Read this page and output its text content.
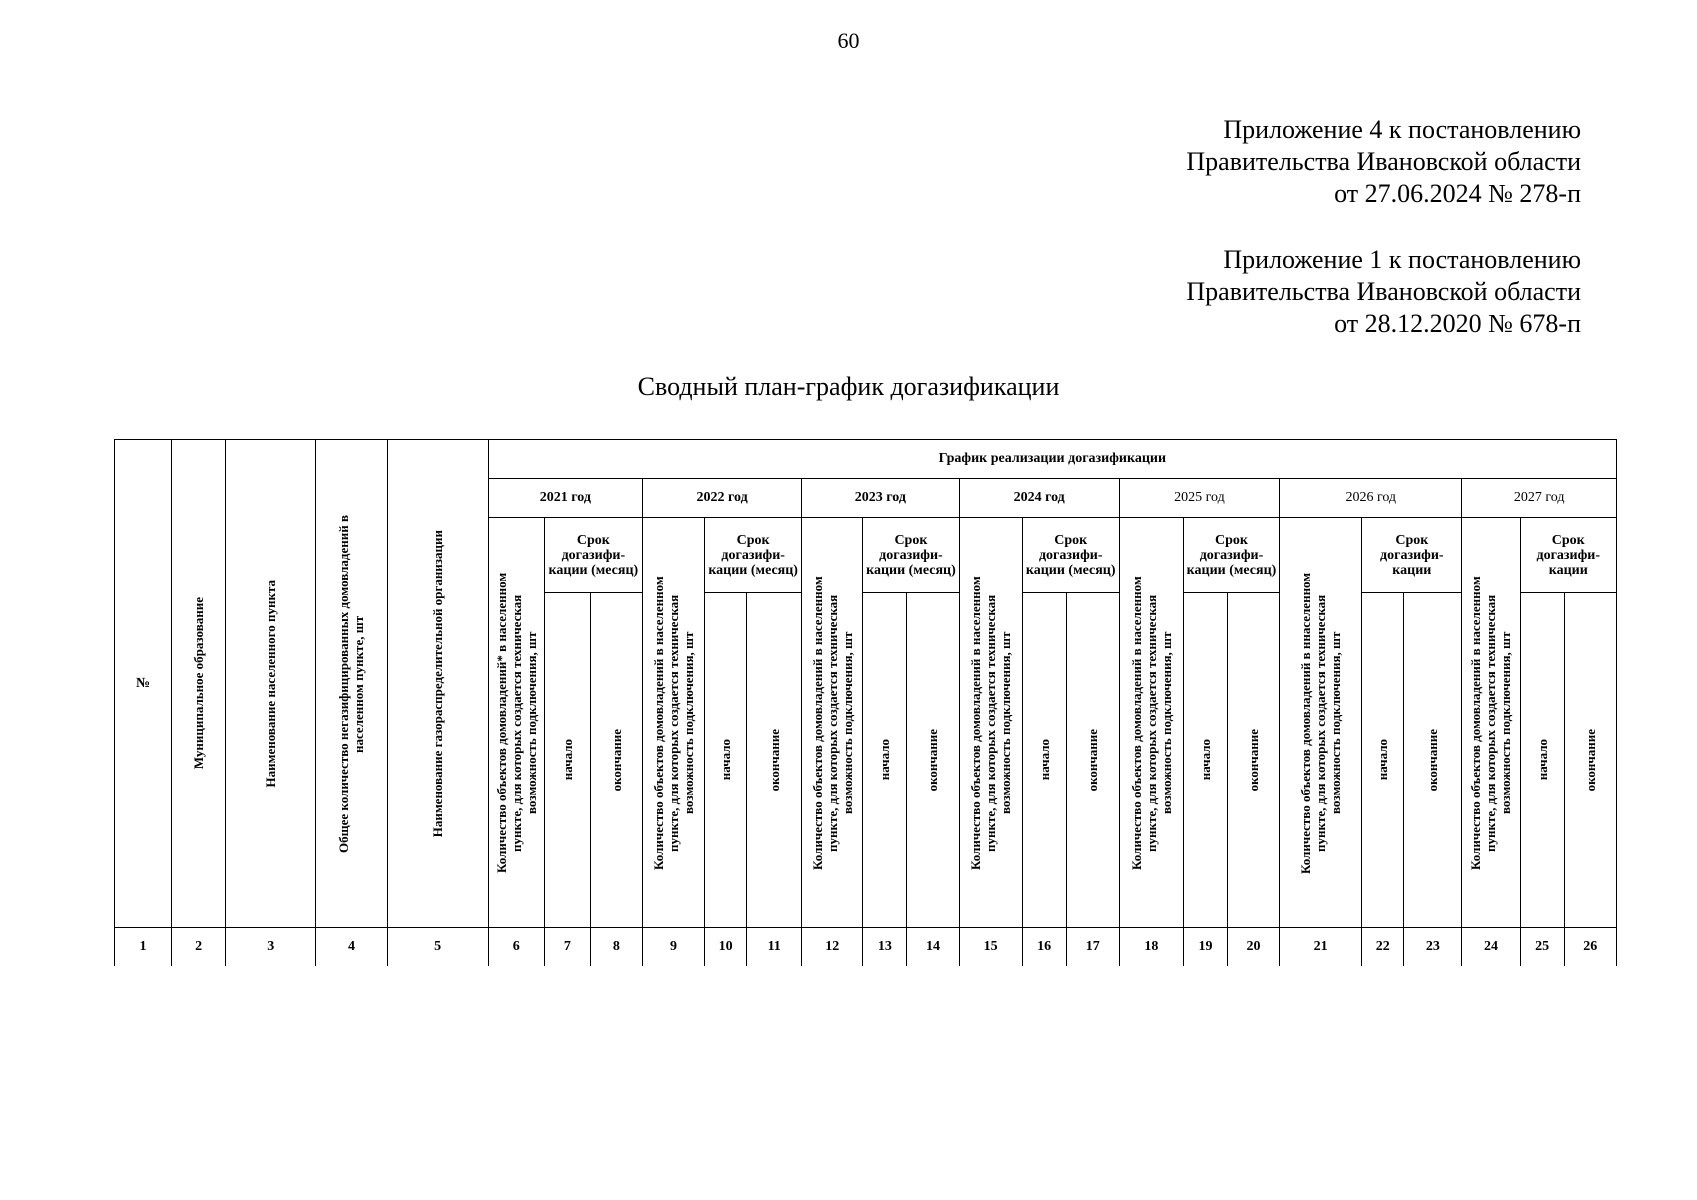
60
Приложение 4 к постановлению
Правительства Ивановской области
от 27.06.2024 № 278-п
Приложение 1 к постановлению
Правительства Ивановской области
от 28.12.2020 № 678-п
Сводный план-график догазификации
№	Муниципальное образование	Наименование населенного пункта	Общее количество негазифицированных домовладений в населенном пункте, шт	Наименование газораспределительной организации	График реализации догазификации																				
					2021 год			2022 год			2023 год			2024 год			2025 год			2026 год			2027 год		

					Количество объектов домовладений* в населенном пункте, для которых создается техническая возможность подключения, шт	Срок догазифи-кации (месяц)		Количество объектов домовладений в населенном пункте, для которых создается техническая возможность подключения, шт	Срок догазифи-кации (месяц)		Количество объектов домовладений в населенном пункте, для которых создается техническая возможность подключения, шт	Срок догазифи-кации (месяц)		Количество объектов домовладений в населенном пункте, для которых создается техническая возможность подключения, шт	Срок догазифи-кации (месяц)		Количество объектов домовладений в населенном пункте, для которых создается техническая возможность подключения, шт	Срок догазифи-кации (месяц)		Количество объектов домовладений в ннаселенном пункте, для которых создается техническая возможность подключения, шт	Срок догазифи-кации		Количество объектов домовладений в населенном пункте, для которых создается техническая возможность подключения, шт	Срок догазифи-кации	

						начало	окончание		начало	окончание		начало	окончание		начало	окончание		начало	окончание		начало	окончание		начало	окончание

1	2	3	4	5	6	7	8	9	10	11	12	13	14	15	16	17	18	19	20	21	22	23	24	25	26
